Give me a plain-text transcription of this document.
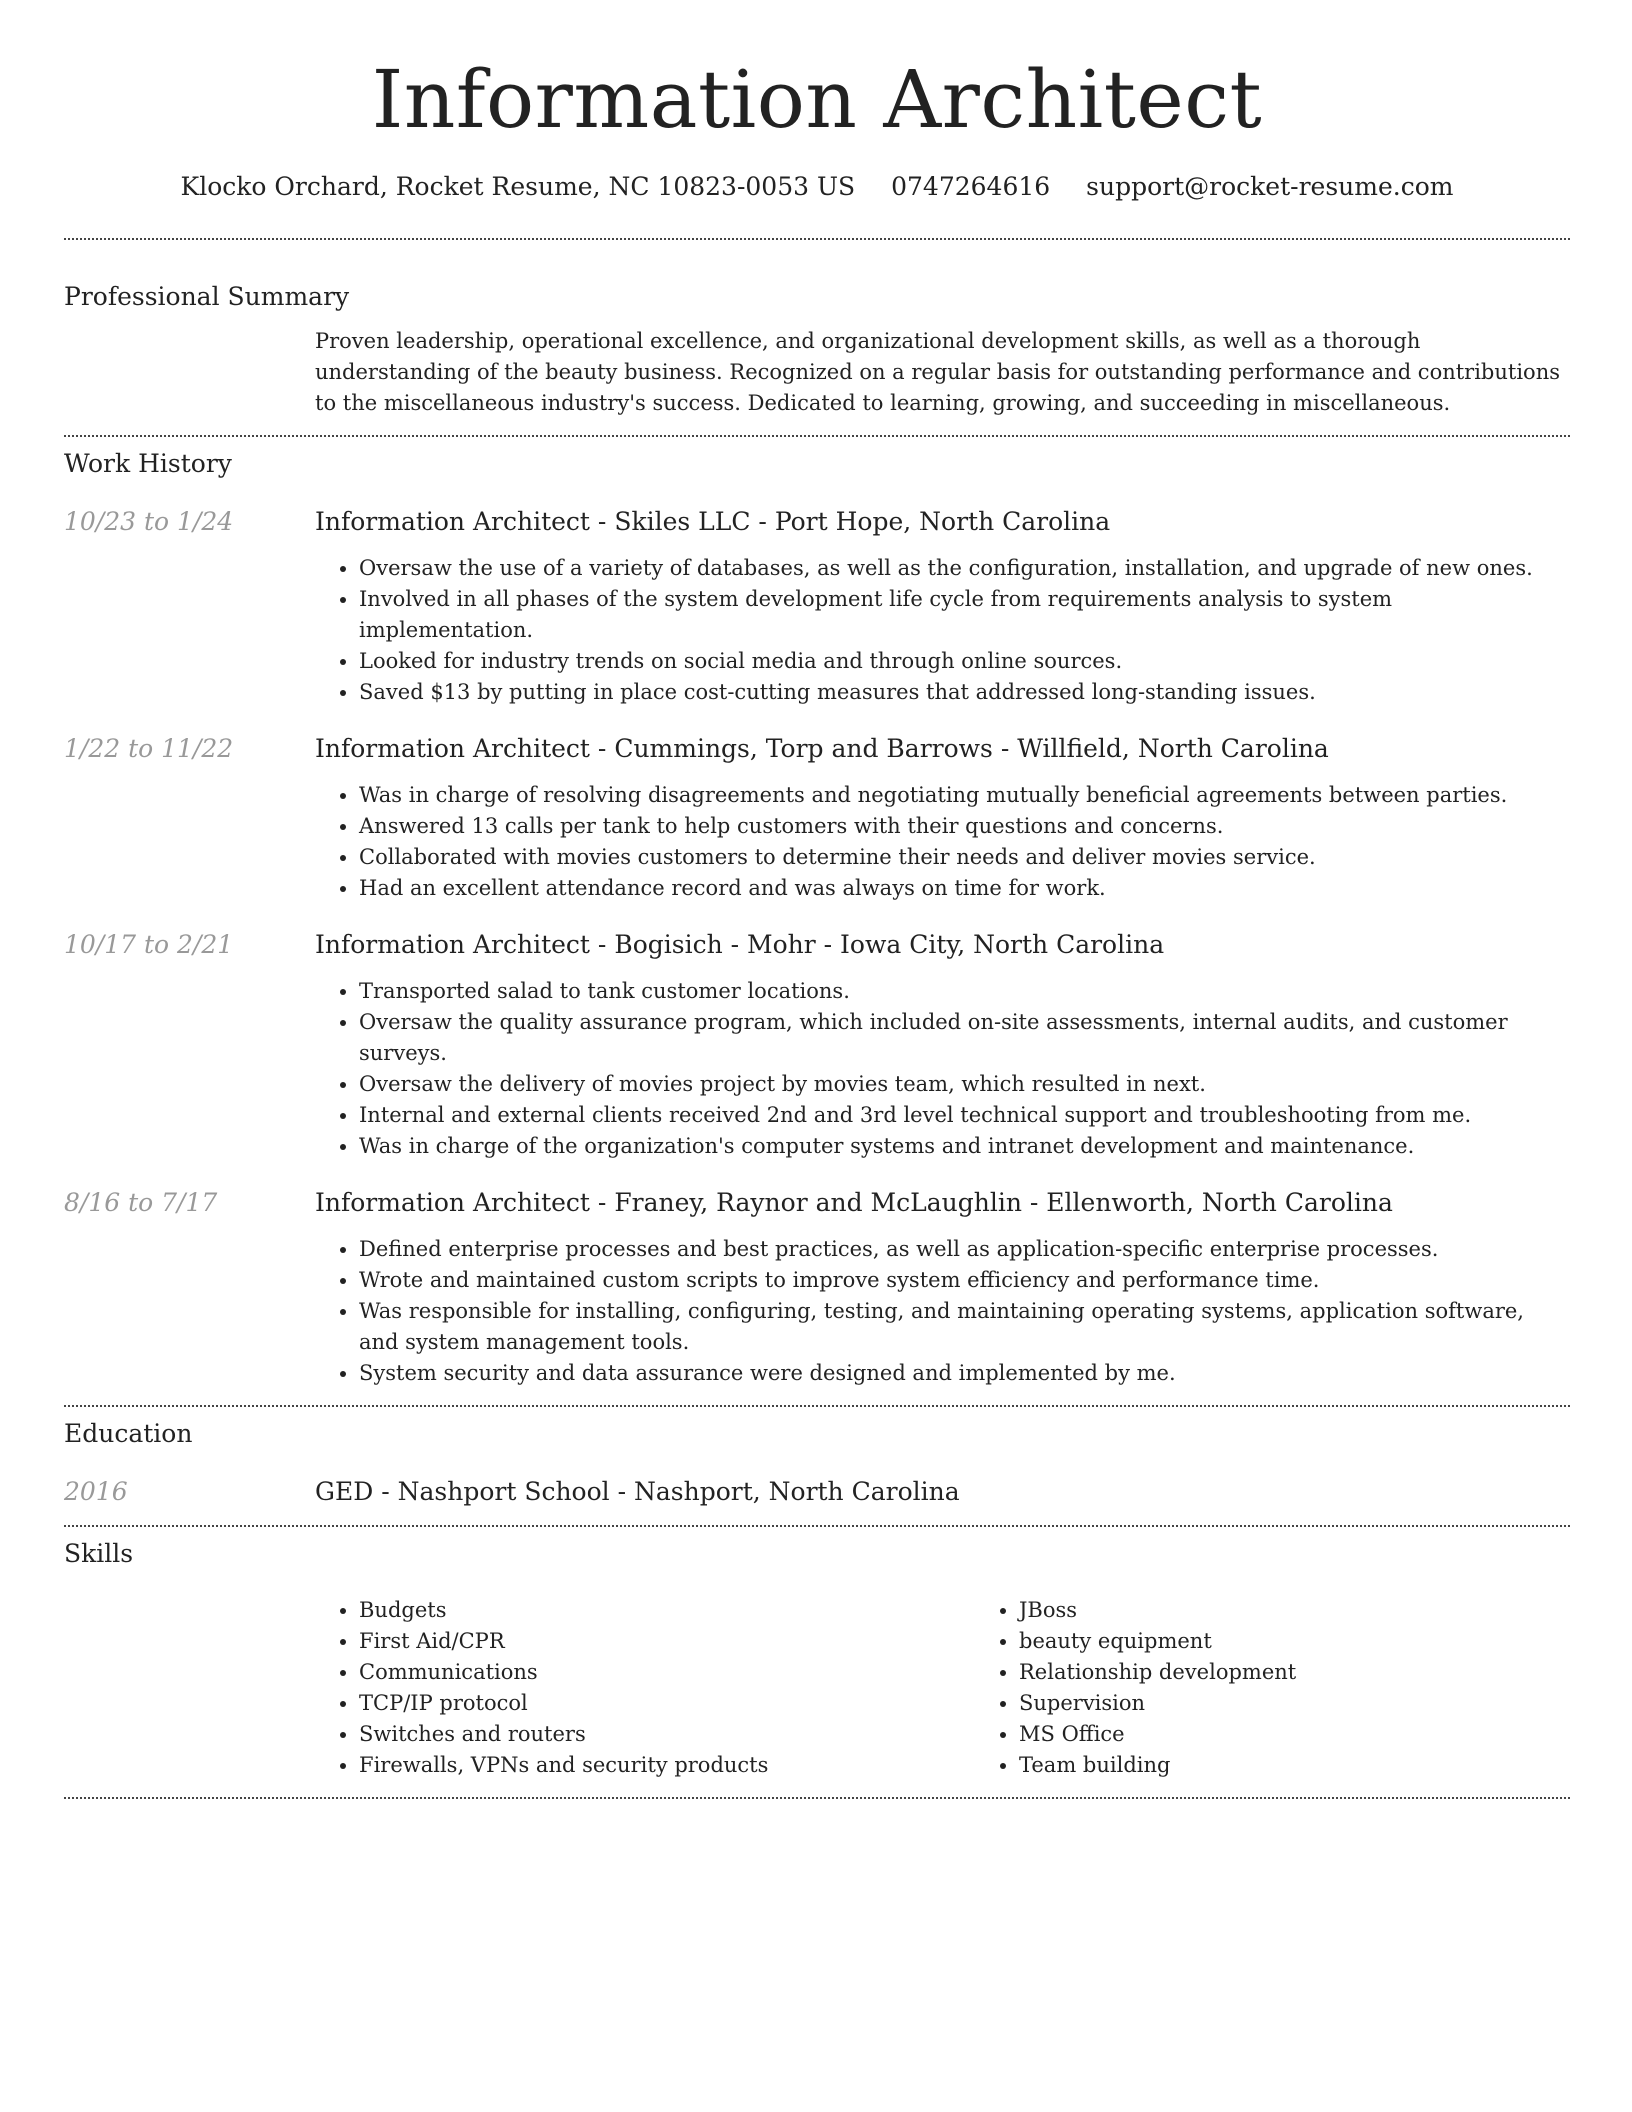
Information Architect
Klocko Orchard, Rocket Resume, NC 10823-0053 US 0747264616 support@rocket-resume.com
Professional Summary
Proven leadership, operational excellence, and organizational development skills, as well as a thorough understanding of the beauty business. Recognized on a regular basis for outstanding performance and contributions to the miscellaneous industry's success. Dedicated to learning, growing, and succeeding in miscellaneous.
Work History
10/23 to 1/24	Information Architect - Skiles LLC - Port Hope, North Carolina
• Oversaw the use of a variety of databases, as well as the configuration, installation, and upgrade of new ones.
• Involved in all phases of the system development life cycle from requirements analysis to system implementation.
• Looked for industry trends on social media and through online sources.
• Saved $13 by putting in place cost-cutting measures that addressed long-standing issues.
1/22 to 11/22	Information Architect - Cummings, Torp and Barrows - Willfield, North Carolina
• Was in charge of resolving disagreements and negotiating mutually beneficial agreements between parties.
• Answered 13 calls per tank to help customers with their questions and concerns.
• Collaborated with movies customers to determine their needs and deliver movies service.
• Had an excellent attendance record and was always on time for work.
10/17 to 2/21	Information Architect - Bogisich - Mohr - Iowa City, North Carolina
• Transported salad to tank customer locations.
• Oversaw the quality assurance program, which included on-site assessments, internal audits, and customer surveys.
• Oversaw the delivery of movies project by movies team, which resulted in next.
• Internal and external clients received 2nd and 3rd level technical support and troubleshooting from me.
• Was in charge of the organization's computer systems and intranet development and maintenance.
8/16 to 7/17	Information Architect - Franey, Raynor and McLaughlin - Ellenworth, North Carolina
• Defined enterprise processes and best practices, as well as application-specific enterprise processes.
• Wrote and maintained custom scripts to improve system efficiency and performance time.
• Was responsible for installing, configuring, testing, and maintaining operating systems, application software, and system management tools.
• System security and data assurance were designed and implemented by me.
Education
2016	GED - Nashport School - Nashport, North Carolina
Skills
• Budgets
• First Aid/CPR
• Communications
• TCP/IP protocol
• Switches and routers
• Firewalls, VPNs and security products
• JBoss
• beauty equipment
• Relationship development
• Supervision
• MS Office
• Team building
